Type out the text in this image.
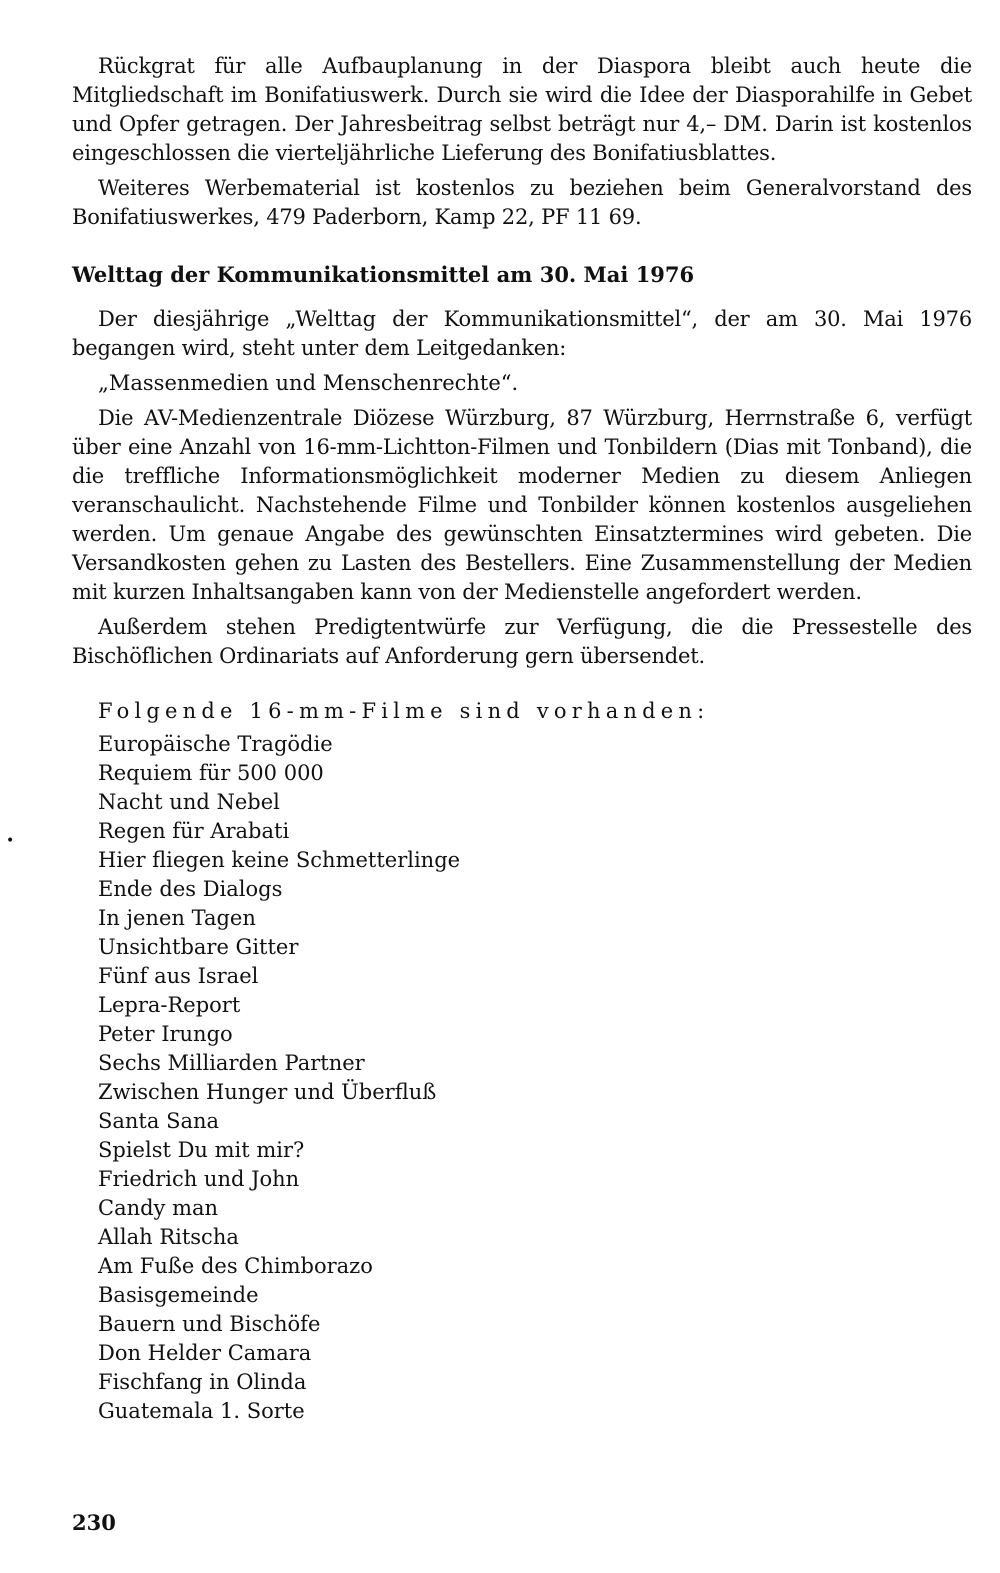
•

Rückgrat für alle Aufbauplanung in der Diaspora bleibt auch heute die Mitgliedschaft im Bonifatiuswerk. Durch sie wird die Idee der Diasporahilfe in Gebet und Opfer getragen. Der Jahresbeitrag selbst beträgt nur 4,– DM. Darin ist kostenlos eingeschlossen die vierteljährliche Lieferung des Bonifatiusblattes.

Weiteres Werbematerial ist kostenlos zu beziehen beim Generalvorstand des Bonifatiuswerkes, 479 Paderborn, Kamp 22, PF 11 69.

Welttag der Kommunikationsmittel am 30. Mai 1976

Der diesjährige „Welttag der Kommunikationsmittel“, der am 30. Mai 1976 begangen wird, steht unter dem Leitgedanken:

„Massenmedien und Menschenrechte“.

Die AV-Medienzentrale Diözese Würzburg, 87 Würzburg, Herrnstraße 6, verfügt über eine Anzahl von 16-mm-Lichtton-Filmen und Tonbildern (Dias mit Tonband), die die treffliche Informationsmöglichkeit moderner Medien zu diesem Anliegen veranschaulicht. Nachstehende Filme und Tonbilder können kostenlos ausgeliehen werden. Um genaue Angabe des gewünschten Einsatztermines wird gebeten. Die Versandkosten gehen zu Lasten des Bestellers. Eine Zusammenstellung der Medien mit kurzen Inhaltsangaben kann von der Medienstelle angefordert werden.

Außerdem stehen Predigtentwürfe zur Verfügung, die die Pressestelle des Bischöflichen Ordinariats auf Anforderung gern übersendet.

Folgende 16-mm-Filme sind vorhanden:
Europäische Tragödie
Requiem für 500 000
Nacht und Nebel
Regen für Arabati
Hier fliegen keine Schmetterlinge
Ende des Dialogs
In jenen Tagen
Unsichtbare Gitter
Fünf aus Israel
Lepra-Report
Peter Irungo
Sechs Milliarden Partner
Zwischen Hunger und Überfluß
Santa Sana
Spielst Du mit mir?
Friedrich und John
Candy man
Allah Ritscha
Am Fuße des Chimborazo
Basisgemeinde
Bauern und Bischöfe
Don Helder Camara
Fischfang in Olinda
Guatemala 1. Sorte
230
